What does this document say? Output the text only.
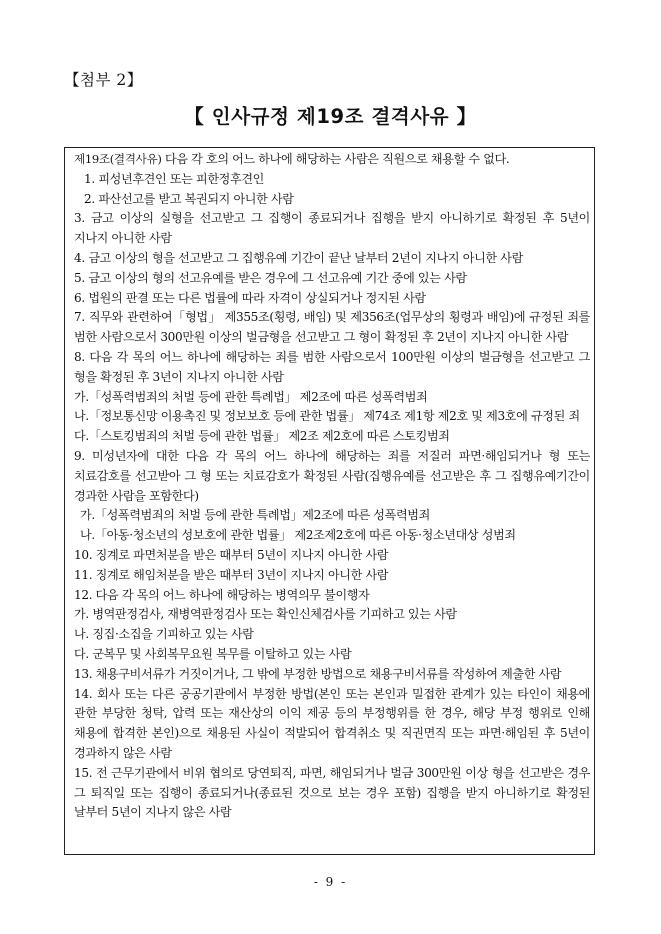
【첨부 2】
【 인사규정 제19조 결격사유 】
제19조(결격사유) 다음 각 호의 어느 하나에 해당하는 사람은 직원으로 채용할 수 없다.
1. 피성년후견인 또는 피한정후견인
2. 파산선고를 받고 복권되지 아니한 사람
3. 금고 이상의 실형을 선고받고 그 집행이 종료되거나 집행을 받지 아니하기로 확정된 후 5년이 지나지 아니한 사람
4. 금고 이상의 형을 선고받고 그 집행유예 기간이 끝난 날부터 2년이 지나지 아니한 사람
5. 금고 이상의 형의 선고유예를 받은 경우에 그 선고유예 기간 중에 있는 사람
6. 법원의 판결 또는 다른 법률에 따라 자격이 상실되거나 정지된 사람
7. 직무와 관련하여「형법」 제355조(횡령, 배임) 및 제356조(업무상의 횡령과 배임)에 규정된 죄를 범한 사람으로서 300만원 이상의 벌금형을 선고받고 그 형이 확정된 후 2년이 지나지 아니한 사람
8. 다음 각 목의 어느 하나에 해당하는 죄를 범한 사람으로서 100만원 이상의 벌금형을 선고받고 그 형을 확정된 후 3년이 지나지 아니한 사람
가.「성폭력범죄의 처벌 등에 관한 특례법」 제2조에 따른 성폭력범죄
나.「정보통신망 이용촉진 및 정보보호 등에 관한 법률」 제74조 제1항 제2호 및 제3호에 규정된 죄
다.「스토킹범죄의 처벌 등에 관한 법률」 제2조 제2호에 따른 스토킹범죄
9. 미성년자에 대한 다음 각 목의 어느 하나에 해당하는 죄를 저질러 파면·해임되거나 형 또는 치료감호를 선고받아 그 형 또는 치료감호가 확정된 사람(집행유예를 선고받은 후 그 집행유예기간이 경과한 사람을 포함한다)
가.「성폭력범죄의 처벌 등에 관한 특례법」제2조에 따른 성폭력범죄
나.「아동·청소년의 성보호에 관한 법률」 제2조제2호에 따른 아동·청소년대상 성범죄
10. 징계로 파면처분을 받은 때부터 5년이 지나지 아니한 사람
11. 징계로 해임처분을 받은 때부터 3년이 지나지 아니한 사람
12. 다음 각 목의 어느 하나에 해당하는 병역의무 불이행자
가. 병역판정검사, 재병역판정검사 또는 확인신체검사를 기피하고 있는 사람
나. 징집·소집을 기피하고 있는 사람
다. 군복무 및 사회복무요원 복무를 이탈하고 있는 사람
13. 채용구비서류가 거짓이거나, 그 밖에 부정한 방법으로 채용구비서류를 작성하여 제출한 사람
14. 회사 또는 다른 공공기관에서 부정한 방법(본인 또는 본인과 밀접한 관계가 있는 타인이 채용에 관한 부당한 청탁, 압력 또는 재산상의 이익 제공 등의 부정행위를 한 경우, 해당 부정 행위로 인해 채용에 합격한 본인)으로 채용된 사실이 적발되어 합격취소 및 직권면직 또는 파면·해임된 후 5년이 경과하지 않은 사람
15. 전 근무기관에서 비위 협의로 당연퇴직, 파면, 해임되거나 벌금 300만원 이상 형을 선고받은 경우 그 퇴직일 또는 집행이 종료되거나(종료된 것으로 보는 경우 포함) 집행을 받지 아니하기로 확정된 날부터 5년이 지나지 않은 사람
- 9 -
